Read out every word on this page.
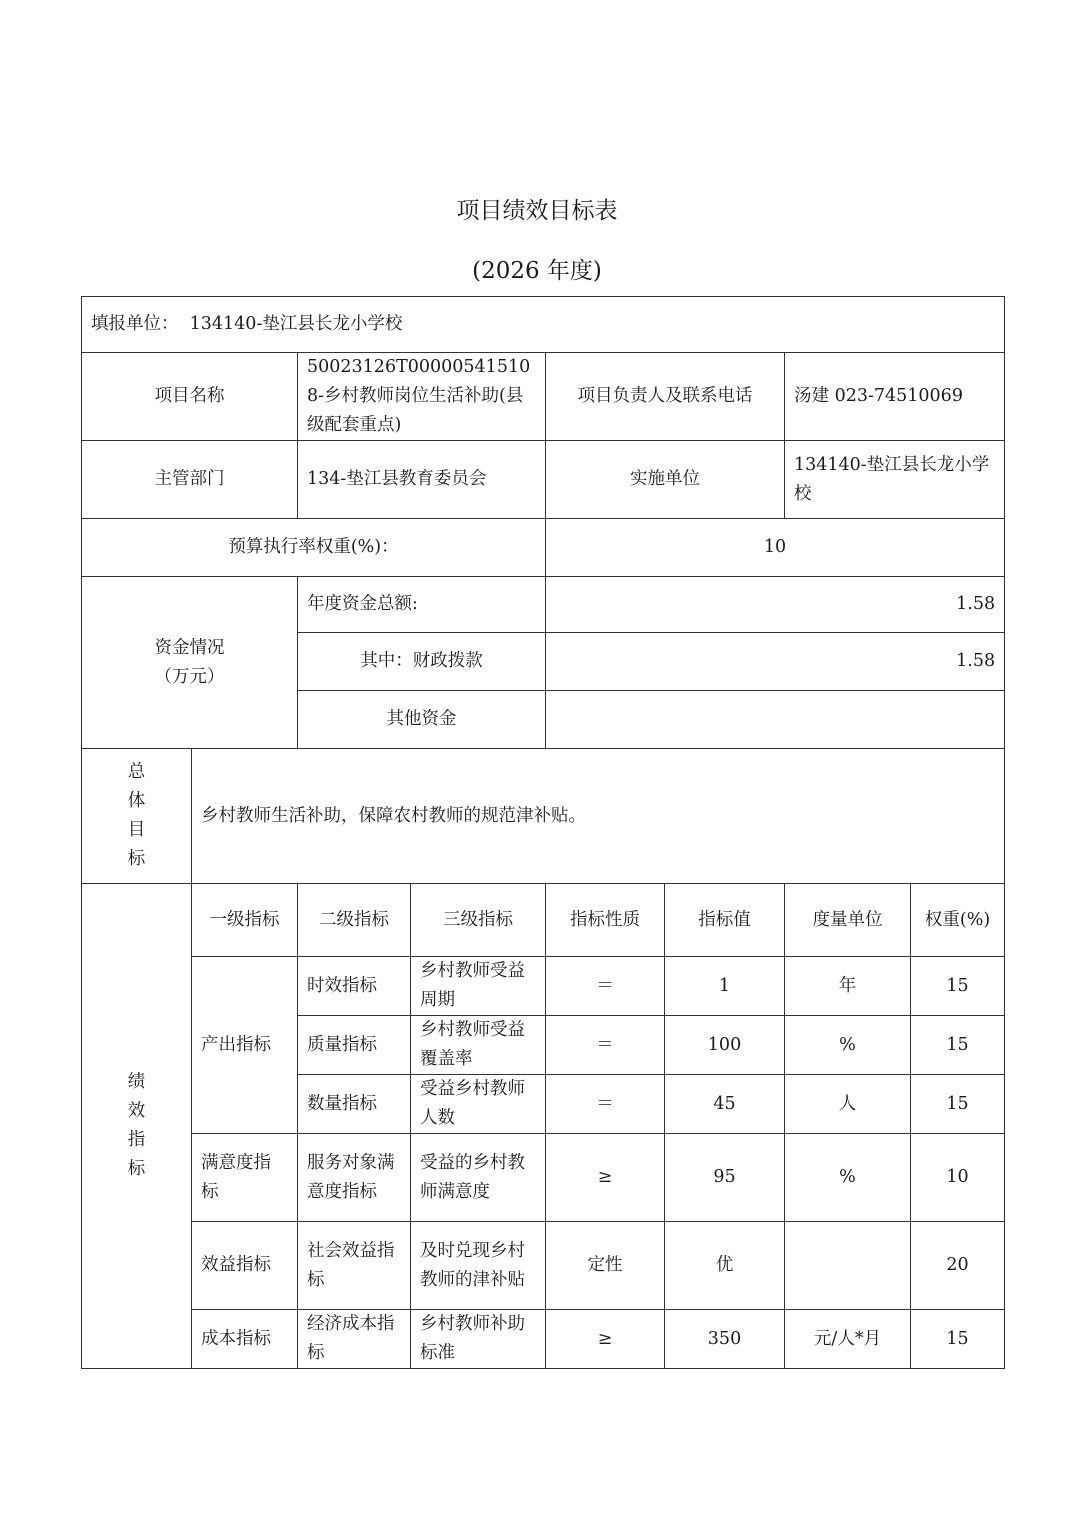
项目绩效目标表
(2026 年度)
填报单位： 134140-垫江县长龙小学校							
项目名称		50023126T000005415108-乡村教师岗位生活补助(县级配套重点)		项目负责人及联系电话		汤建 023-74510069	
主管部门		134-垫江县教育委员会		实施单位		134140-垫江县长龙小学校	
预算执行率权重(%)：				10			
资金情况
（万元）		年度资金总额:		1.58			
		其中：财政拨款		1.58			
		其他资金					

总
体
目
标	乡村教师生活补助，保障农村教师的规范津补贴。						

绩
效
指
标	一级指标	二级指标	三级指标	指标性质	指标值	度量单位	权重(%)
	产出指标	时效指标	乡村教师受益周期	＝	1	年	15
		质量指标	乡村教师受益覆盖率	＝	100	%	15
		数量指标	受益乡村教师人数	＝	45	人	15
	满意度指标	服务对象满意度指标	受益的乡村教师满意度	≥	95	%	10
	效益指标	社会效益指标	及时兑现乡村教师的津补贴	定性	优		20
	成本指标	经济成本指标	乡村教师补助标准	≥	350	元/人*月	15
